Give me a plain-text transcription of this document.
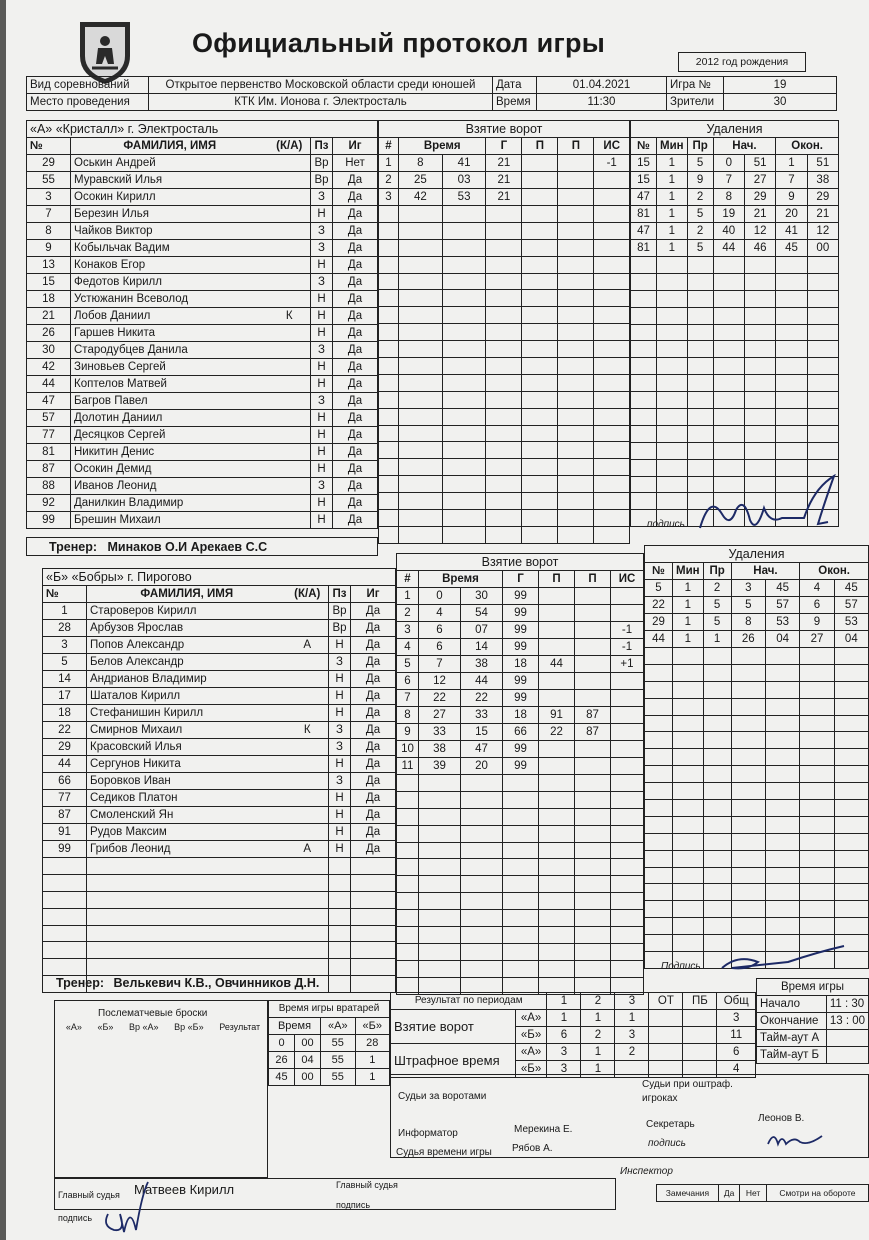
Официальный протокол игры
2012 год рождения
Вид соревнований	Открытое первенство Московской области среди юношей	Дата	01.04.2021	Игра №	19
Место проведения	КТК Им. Ионова г. Электросталь	Время	11:30	Зрители	30
«А» «Кристалл» г. Электросталь				
№	ФАМИЛИЯ, ИМЯ	(К/А)	Пз	Иг
29	Оськин Андрей		Вр	Нет
55	Муравский Илья		Вр	Да
3	Осокин Кирилл		З	Да
7	Березин Илья		Н	Да
8	Чайков Виктор		З	Да
9	Кобыльчак Вадим		З	Да
13	Конаков Егор		Н	Да
15	Федотов Кирилл		З	Да
18	Устюжанин Всеволод		Н	Да
21	Лобов Даниил	К	Н	Да
26	Гаршев Никита		Н	Да
30	Стародубцев Данила		З	Да
42	Зиновьев Сергей		Н	Да
44	Коптелов Матвей		Н	Да
47	Багров Павел		З	Да
57	Долотин Даниил		Н	Да
77	Десяцков Сергей		Н	Да
81	Никитин Денис		Н	Да
87	Осокин Демид		Н	Да
88	Иванов Леонид		З	Да
92	Данилкин Владимир		Н	Да
99	Брешин Михаил		Н	Да
Взятие ворот						
#	Время		Г	П	П	ИС
1	8	41	21			-1
2	25	03	21			
3	42	53	21			

Удаления						
№	Мин	Пр	Нач.		Окон.	
15	1	5	0	51	1	51
15	1	9	7	27	7	38
47	1	2	8	29	9	29
81	1	5	19	21	20	21
47	1	2	40	12	41	12
81	1	5	44	46	45	00

подпись
Тренер: Минаков О.И Арекаев С.С
«Б» «Бобры» г. Пирогово				
№	ФАМИЛИЯ, ИМЯ	(К/А)	Пз	Иг
1	Староверов Кирилл		Вр	Да
28	Арбузов Ярослав		Вр	Да
3	Попов Александр	А	Н	Да
5	Белов Александр		З	Да
14	Андрианов Владимир		Н	Да
17	Шаталов Кирилл		Н	Да
18	Стефанишин Кирилл		Н	Да
22	Смирнов Михаил	К	З	Да
29	Красовский Илья		З	Да
44	Сергунов Никита		Н	Да
66	Боровков Иван		З	Да
77	Седиков Платон		Н	Да
87	Смоленский Ян		Н	Да
91	Рудов Максим		Н	Да
99	Грибов Леонид	А	Н	Да

Взятие ворот						
#	Время		Г	П	П	ИС
1	0	30	99			
2	4	54	99			
3	6	07	99			-1
4	6	14	99			-1
5	7	38	18	44		+1
6	12	44	99			
7	22	22	99			
8	27	33	18	91	87	
9	33	15	66	22	87	
10	38	47	99			
11	39	20	99			

Удаления						
№	Мин	Пр	Нач.		Окон.	
5	1	2	3	45	4	45
22	1	5	5	57	6	57
29	1	5	8	53	9	53
44	1	1	26	04	27	04

Подпись
Тренер: Велькевич К.В., Овчинников Д.Н.
Послематчевые броски
«А» «Б» Вр «А» Вр «Б» Результат
Время игры вратарей			
Время		«А»	«Б»
0	00	55	28
26	04	55	1
45	00	55	1
Результат по периодам		1	2	3	ОТ	ПБ	Общ
Взятие ворот	«А»	1	1	1			3
	«Б»	6	2	3			11
Штрафное время	«А»	3	1	2			6
	«Б»	3	1				4
Время игры	
Начало	11 : 30
Окончание	13 : 00
Тайм-аут А	
Тайм-аут Б	
Судьи за воротами
Судьи при оштраф. игроках
Информатор	Мерекина Е.	Секретарь
Леонов В.
Судья времени игры Рябов А.	подпись
Инспектор
Главный судья Матвеев Кирилл	Главный судья
подпись
подпись
Замечания	Да	Нет	Смотри на обороте
